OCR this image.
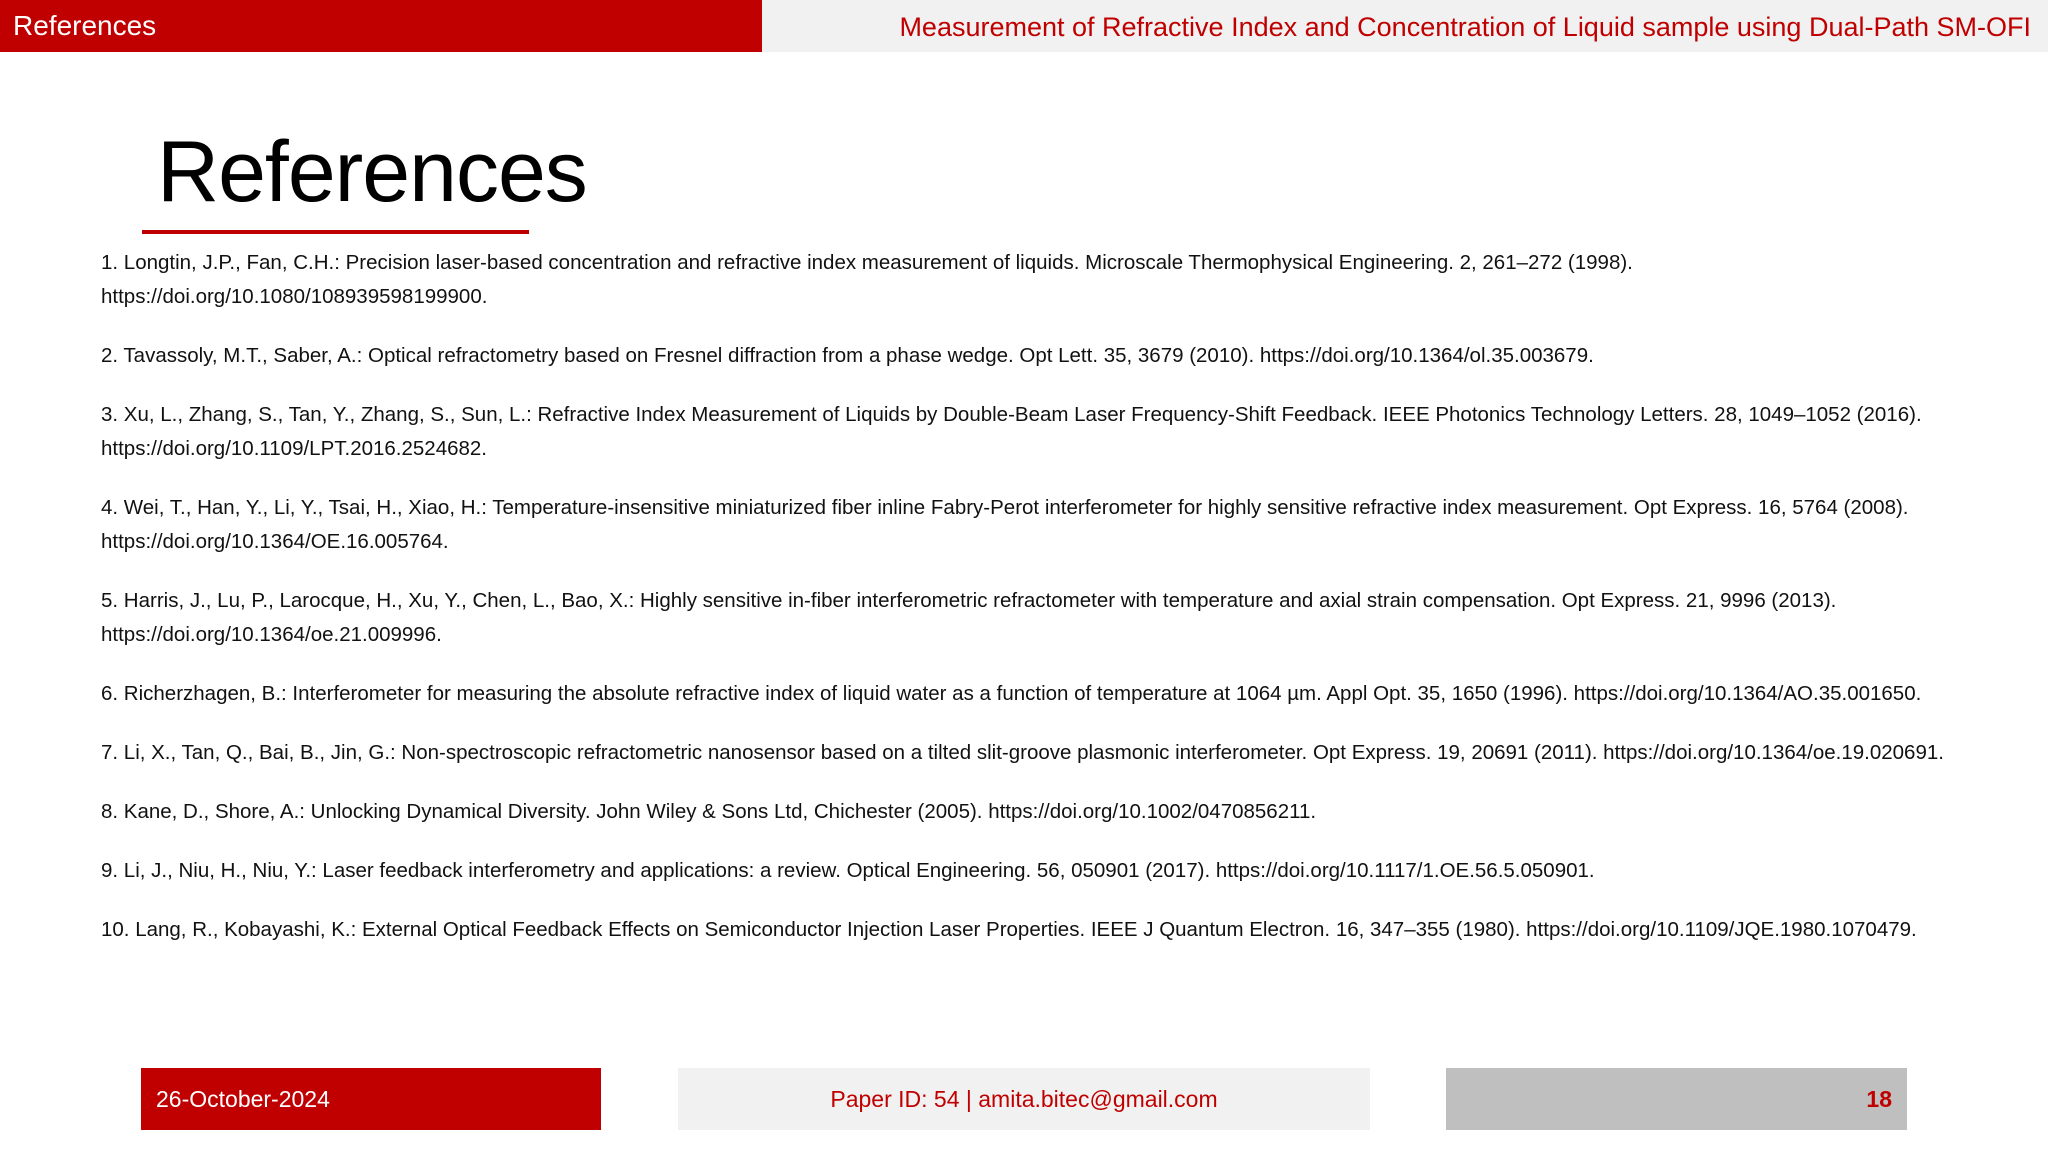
References	Measurement of Refractive Index and Concentration of Liquid sample using Dual-Path SM-OFI
References
1. Longtin, J.P., Fan, C.H.: Precision laser-based concentration and refractive index measurement of liquids. Microscale Thermophysical Engineering. 2, 261–272 (1998). https://doi.org/10.1080/108939598199900.
2. Tavassoly, M.T., Saber, A.: Optical refractometry based on Fresnel diffraction from a phase wedge. Opt Lett. 35, 3679 (2010). https://doi.org/10.1364/ol.35.003679.
3. Xu, L., Zhang, S., Tan, Y., Zhang, S., Sun, L.: Refractive Index Measurement of Liquids by Double-Beam Laser Frequency-Shift Feedback. IEEE Photonics Technology Letters. 28, 1049–1052 (2016). https://doi.org/10.1109/LPT.2016.2524682.
4. Wei, T., Han, Y., Li, Y., Tsai, H., Xiao, H.: Temperature-insensitive miniaturized fiber inline Fabry-Perot interferometer for highly sensitive refractive index measurement. Opt Express. 16, 5764 (2008). https://doi.org/10.1364/OE.16.005764.
5. Harris, J., Lu, P., Larocque, H., Xu, Y., Chen, L., Bao, X.: Highly sensitive in-fiber interferometric refractometer with temperature and axial strain compensation. Opt Express. 21, 9996 (2013). https://doi.org/10.1364/oe.21.009996.
6. Richerzhagen, B.: Interferometer for measuring the absolute refractive index of liquid water as a function of temperature at 1064 µm. Appl Opt. 35, 1650 (1996). https://doi.org/10.1364/AO.35.001650.
7. Li, X., Tan, Q., Bai, B., Jin, G.: Non-spectroscopic refractometric nanosensor based on a tilted slit-groove plasmonic interferometer. Opt Express. 19, 20691 (2011). https://doi.org/10.1364/oe.19.020691.
8. Kane, D., Shore, A.: Unlocking Dynamical Diversity. John Wiley & Sons Ltd, Chichester (2005). https://doi.org/10.1002/0470856211.
9. Li, J., Niu, H., Niu, Y.: Laser feedback interferometry and applications: a review. Optical Engineering. 56, 050901 (2017). https://doi.org/10.1117/1.OE.56.5.050901.
10. Lang, R., Kobayashi, K.: External Optical Feedback Effects on Semiconductor Injection Laser Properties. IEEE J Quantum Electron. 16, 347–355 (1980). https://doi.org/10.1109/JQE.1980.1070479.
26-October-2024	Paper ID: 54 | amita.bitec@gmail.com	18
